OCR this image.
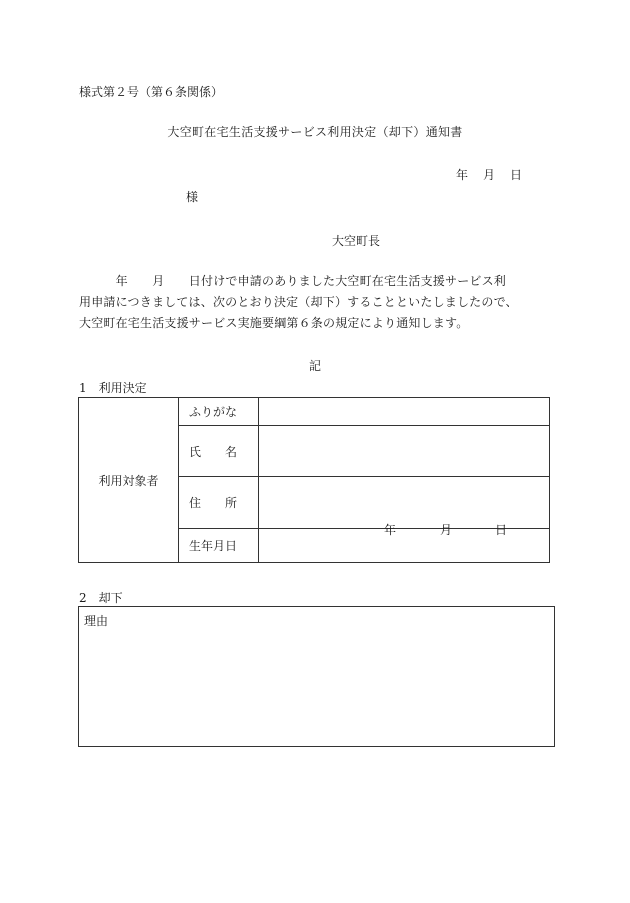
様式第２号（第６条関係）
大空町在宅生活支援サービス利用決定（却下）通知書
年 月 日
様
大空町長
　　　年　　月　　日付けで申請のありました大空町在宅生活支援サービス利
用申請につきましては、次のとおり決定（却下）することといたしましたので、
大空町在宅生活支援サービス実施要綱第６条の規定により通知します。
記
1　利用決定
利用対象者	ふりがな	
	氏　　名	
	住　　所	
	生年月日	年 月 日
2　却下
理由
